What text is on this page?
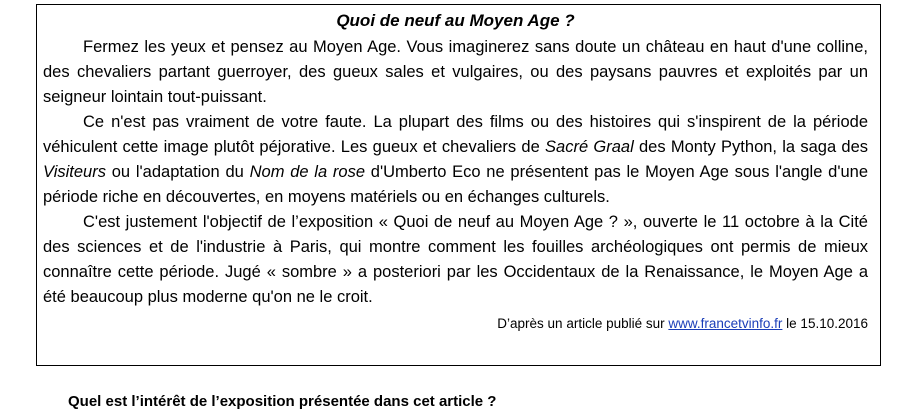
Quoi de neuf au Moyen Age ?

Fermez les yeux et pensez au Moyen Age. Vous imaginerez sans doute un château en haut d'une colline, des chevaliers partant guerroyer, des gueux sales et vulgaires, ou des paysans pauvres et exploités par un seigneur lointain tout-puissant.

Ce n'est pas vraiment de votre faute. La plupart des films ou des histoires qui s'inspirent de la période véhiculent cette image plutôt péjorative. Les gueux et chevaliers de Sacré Graal des Monty Python, la saga des Visiteurs ou l'adaptation du Nom de la rose d'Umberto Eco ne présentent pas le Moyen Age sous l'angle d'une période riche en découvertes, en moyens matériels ou en échanges culturels.

C'est justement l'objectif de l’exposition « Quoi de neuf au Moyen Age ? », ouverte le 11 octobre à la Cité des sciences et de l'industrie à Paris, qui montre comment les fouilles archéologiques ont permis de mieux connaître cette période. Jugé « sombre » a posteriori par les Occidentaux de la Renaissance, le Moyen Age a été beaucoup plus moderne qu'on ne le croit.

D’après un article publié sur www.francetvinfo.fr le 15.10.2016

Quel est l’intérêt de l’exposition présentée dans cet article ?
